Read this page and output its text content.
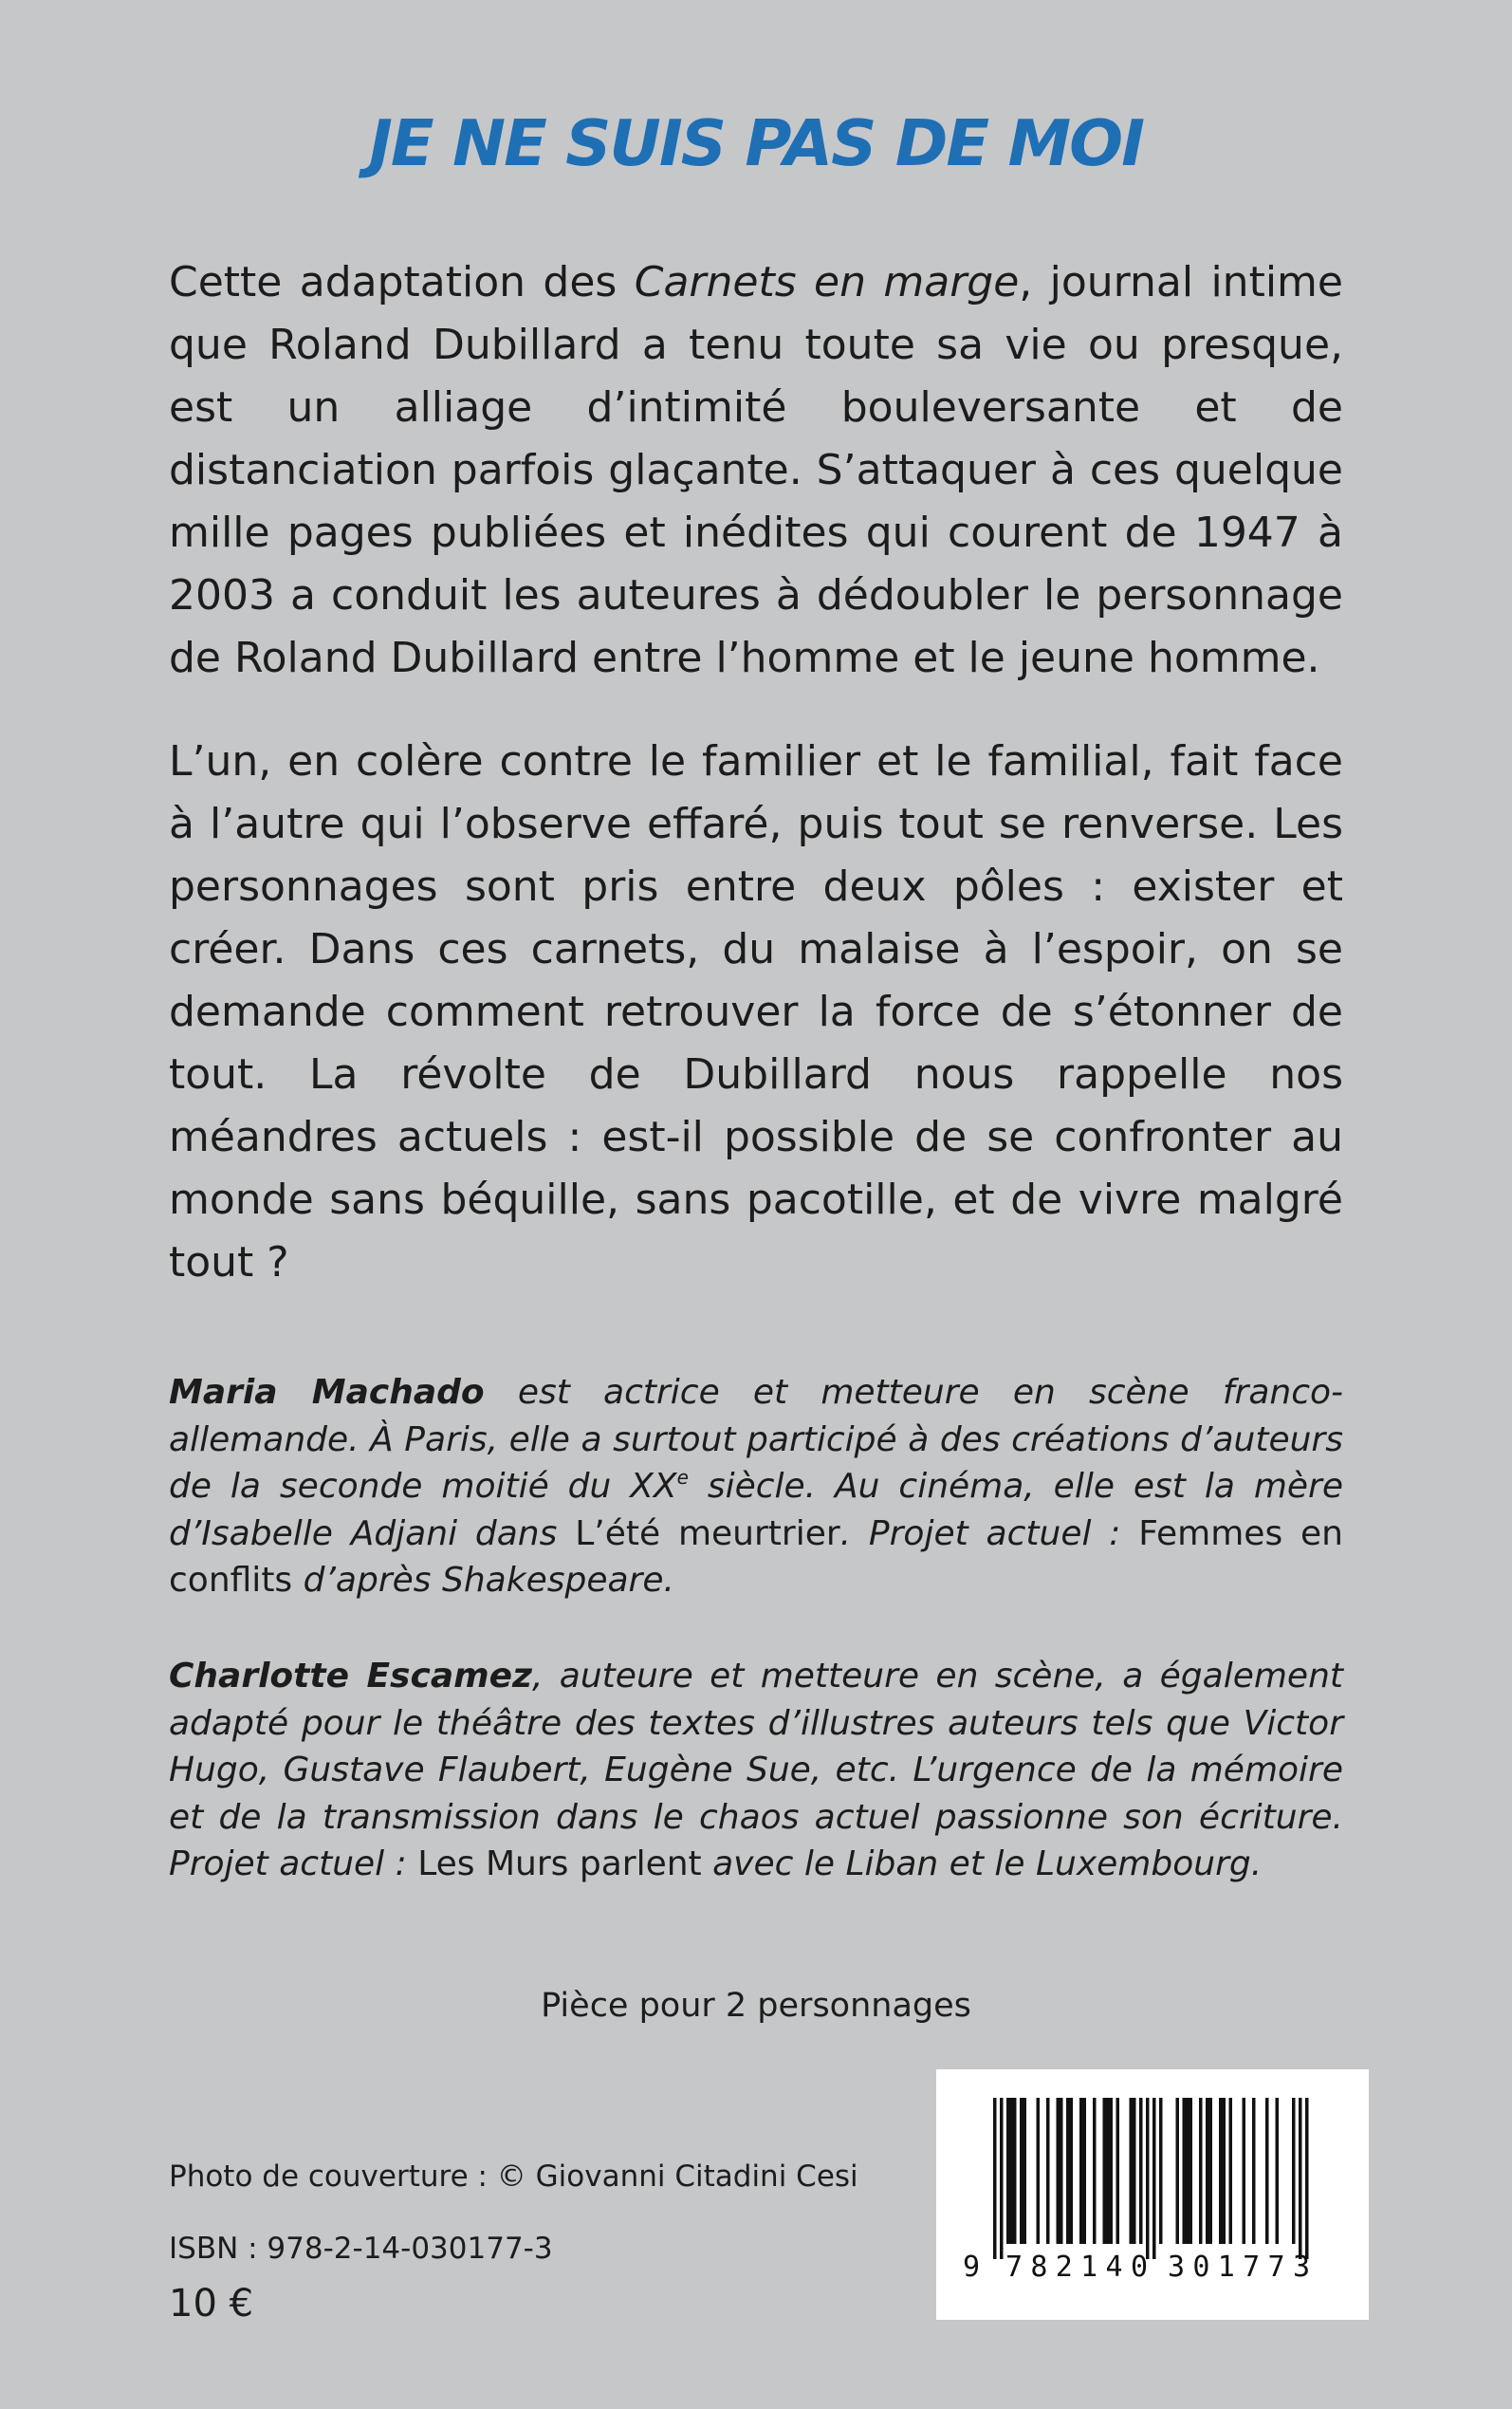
JE NE SUIS PAS DE MOI

Cette adaptation des Carnets en marge, journal intime que Roland Dubillard a tenu toute sa vie ou presque, est un alliage d’intimité bouleversante et de distanciation parfois glaçante. S’attaquer à ces quelque mille pages publiées et inédites qui courent de 1947 à 2003 a conduit les auteures à dédoubler le personnage de Roland Dubillard entre l’homme et le jeune homme.

L’un, en colère contre le familier et le familial, fait face à l’autre qui l’observe effaré, puis tout se renverse. Les personnages sont pris entre deux pôles : exister et créer. Dans ces carnets, du malaise à l’espoir, on se demande comment retrouver la force de s’étonner de tout. La révolte de Dubillard nous rappelle nos méandres actuels : est-il possible de se confronter au monde sans béquille, sans pacotille, et de vivre malgré tout ?

Maria Machado est actrice et metteure en scène franco-allemande. À Paris, elle a surtout participé à des créations d’auteurs de la seconde moitié du XXe siècle. Au cinéma, elle est la mère d’Isabelle Adjani dans L’été meurtrier. Projet actuel : Femmes en conflits d’après Shakespeare.

Charlotte Escamez, auteure et metteure en scène, a également adapté pour le théâtre des textes d’illustres auteurs tels que Victor Hugo, Gustave Flaubert, Eugène Sue, etc. L’urgence de la mémoire et de la transmission dans le chaos actuel passionne son écriture. Projet actuel : Les Murs parlent avec le Liban et le Luxembourg.

Pièce pour 2 personnages
Photo de couverture : © Giovanni Citadini Cesi
ISBN : 978-2-14-030177-3
10 €
9 782140 301773
